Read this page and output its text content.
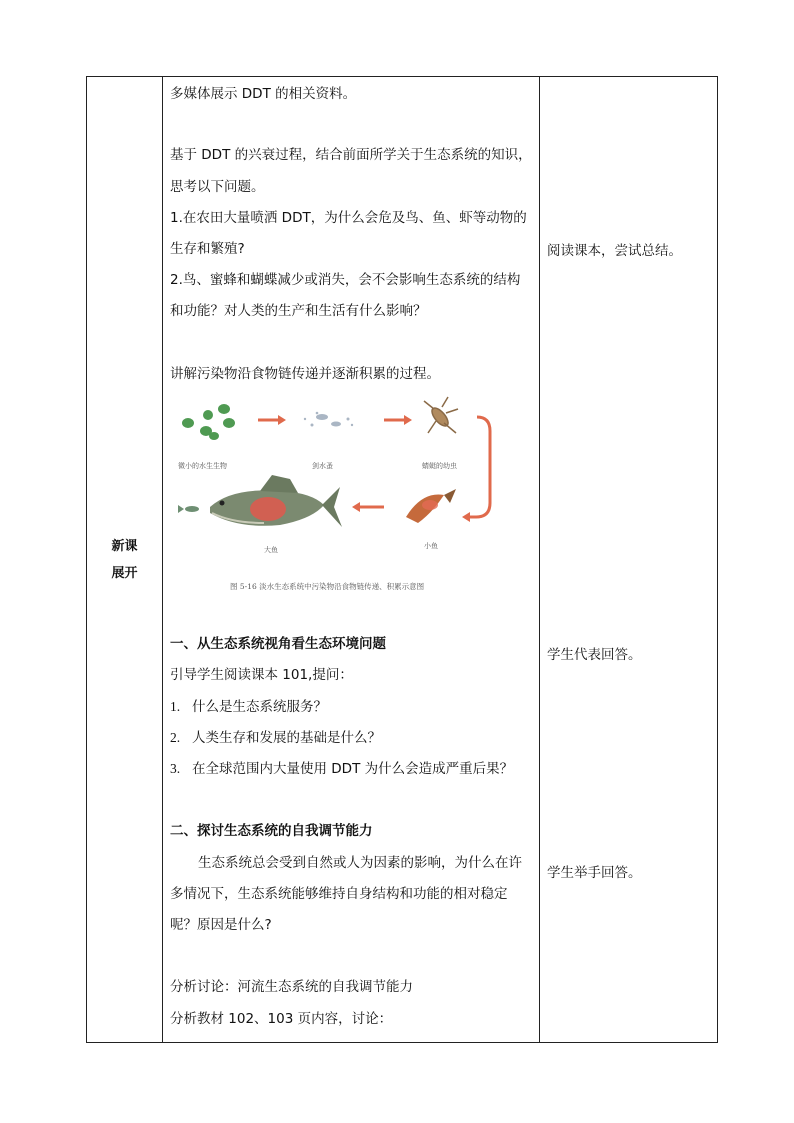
新课
展开
多媒体展示 DDT 的相关资料。
基于 DDT 的兴衰过程，结合前面所学关于生态系统的知识，
思考以下问题。
1.在农田大量喷洒 DDT，为什么会危及鸟、鱼、虾等动物的
生存和繁殖?
2.鸟、蜜蜂和蝴蝶减少或消失，会不会影响生态系统的结构
和功能？对人类的生产和生活有什么影响？
讲解污染物沿食物链传递并逐渐积累的过程。
微小的水生生物	剑水蚤	蜻蜓的幼虫
小鱼
大鱼
图 5-16 淡水生态系统中污染物沿食物链传递、积累示意图
一、从生态系统视角看生态环境问题
引导学生阅读课本 101,提问：
1. 什么是生态系统服务？
2. 人类生存和发展的基础是什么？
3. 在全球范围内大量使用 DDT 为什么会造成严重后果？
二、探讨生态系统的自我调节能力
生态系统总会受到自然或人为因素的影响，为什么在许
多情况下，生态系统能够维持自身结构和功能的相对稳定
呢？原因是什么?
分析讨论：河流生态系统的自我调节能力
分析教材 102、103 页内容，讨论：
阅读课本，尝试总结。
学生代表回答。
学生举手回答。
